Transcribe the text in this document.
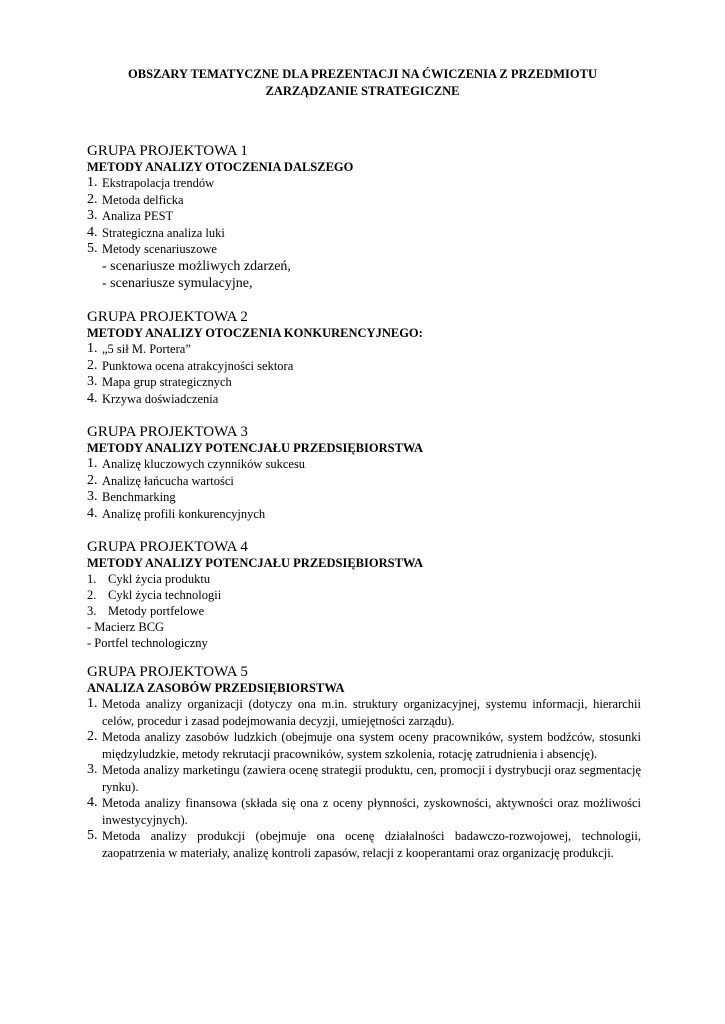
OBSZARY TEMATYCZNE DLA PREZENTACJI NA ĆWICZENIA Z PRZEDMIOTU
ZARZĄDZANIE STRATEGICZNE
GRUPA PROJEKTOWA 1
METODY ANALIZY OTOCZENIA DALSZEGO
1. Ekstrapolacja trendów
2. Metoda delficka
3. Analiza PEST
4. Strategiczna analiza luki
5. Metody scenariuszowe
- scenariusze możliwych zdarzeń,
- scenariusze symulacyjne,
GRUPA PROJEKTOWA 2
METODY ANALIZY OTOCZENIA KONKURENCYJNEGO:
1. „5 sił M. Portera”
2. Punktowa ocena atrakcyjności sektora
3. Mapa grup strategicznych
4. Krzywa doświadczenia
GRUPA PROJEKTOWA 3
METODY ANALIZY POTENCJAŁU PRZEDSIĘBIORSTWA
1. Analizę kluczowych czynników sukcesu
2. Analizę łańcucha wartości
3. Benchmarking
4. Analizę profili konkurencyjnych
GRUPA PROJEKTOWA 4
METODY ANALIZY POTENCJAŁU PRZEDSIĘBIORSTWA
1. Cykl życia produktu
2. Cykl życia technologii
3. Metody portfelowe
- Macierz BCG
- Portfel technologiczny
GRUPA PROJEKTOWA 5
ANALIZA ZASOBÓW PRZEDSIĘBIORSTWA
1. Metoda analizy organizacji (dotyczy ona m.in. struktury organizacyjnej, systemu informacji, hierarchii celów, procedur i zasad podejmowania decyzji, umiejętności zarządu).
2. Metoda analizy zasobów ludzkich (obejmuje ona system oceny pracowników, system bodźców, stosunki międzyludzkie, metody rekrutacji pracowników, system szkolenia, rotację zatrudnienia i absencję).
3. Metoda analizy marketingu (zawiera ocenę strategii produktu, cen, promocji i dystrybucji oraz segmentację rynku).
4. Metoda analizy finansowa (składa się ona z oceny płynności, zyskowności, aktywności oraz możliwości inwestycyjnych).
5. Metoda analizy produkcji (obejmuje ona ocenę działalności badawczo-rozwojowej, technologii, zaopatrzenia w materiały, analizę kontroli zapasów, relacji z kooperantami oraz organizację produkcji.
